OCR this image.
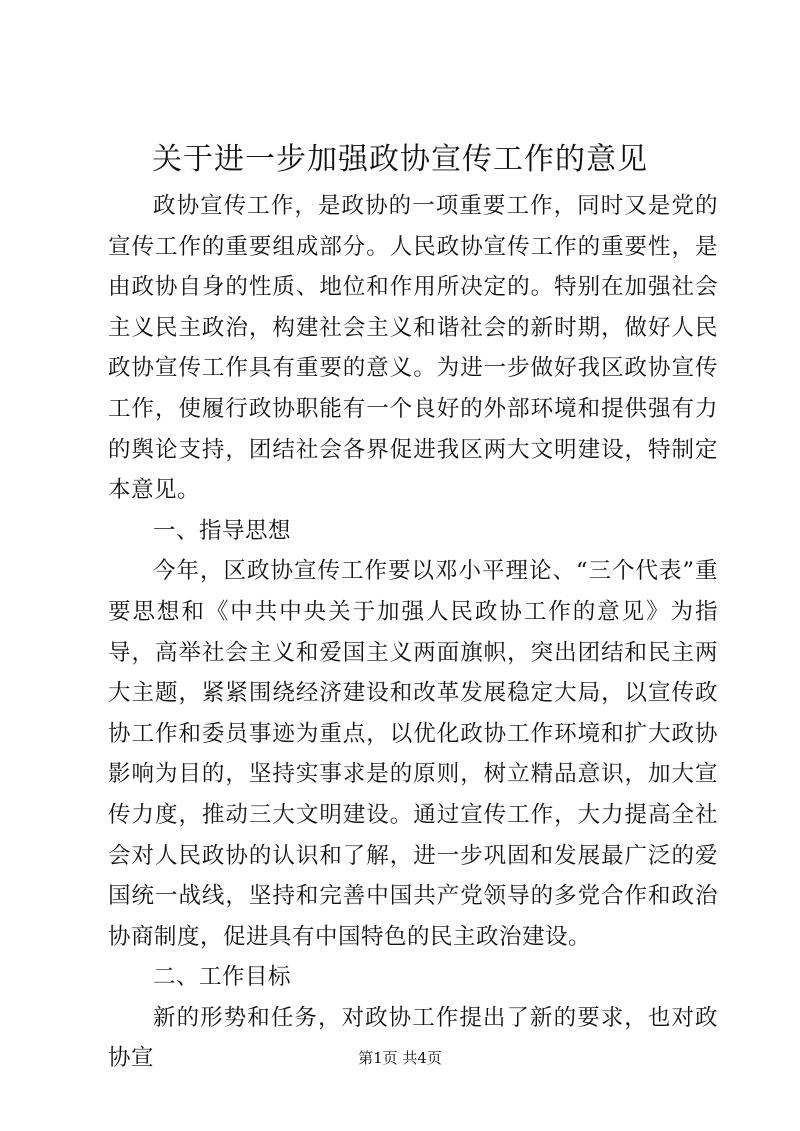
关于进一步加强政协宣传工作的意见

政协宣传工作，是政协的一项重要工作，同时又是党的宣传工作的重要组成部分。人民政协宣传工作的重要性，是由政协自身的性质、地位和作用所决定的。特别在加强社会主义民主政治，构建社会主义和谐社会的新时期，做好人民政协宣传工作具有重要的意义。为进一步做好我区政协宣传工作，使履行政协职能有一个良好的外部环境和提供强有力的舆论支持，团结社会各界促进我区两大文明建设，特制定本意见。

一、指导思想

今年，区政协宣传工作要以邓小平理论、“三个代表”重要思想和《中共中央关于加强人民政协工作的意见》为指导，高举社会主义和爱国主义两面旗帜，突出团结和民主两大主题，紧紧围绕经济建设和改革发展稳定大局，以宣传政协工作和委员事迹为重点，以优化政协工作环境和扩大政协影响为目的，坚持实事求是的原则，树立精品意识，加大宣传力度，推动三大文明建设。通过宣传工作，大力提高全社会对人民政协的认识和了解，进一步巩固和发展最广泛的爱国统一战线，坚持和完善中国共产党领导的多党合作和政治协商制度，促进具有中国特色的民主政治建设。

二、工作目标

新的形势和任务，对政协工作提出了新的要求，也对政协宣	第1页 共4页
